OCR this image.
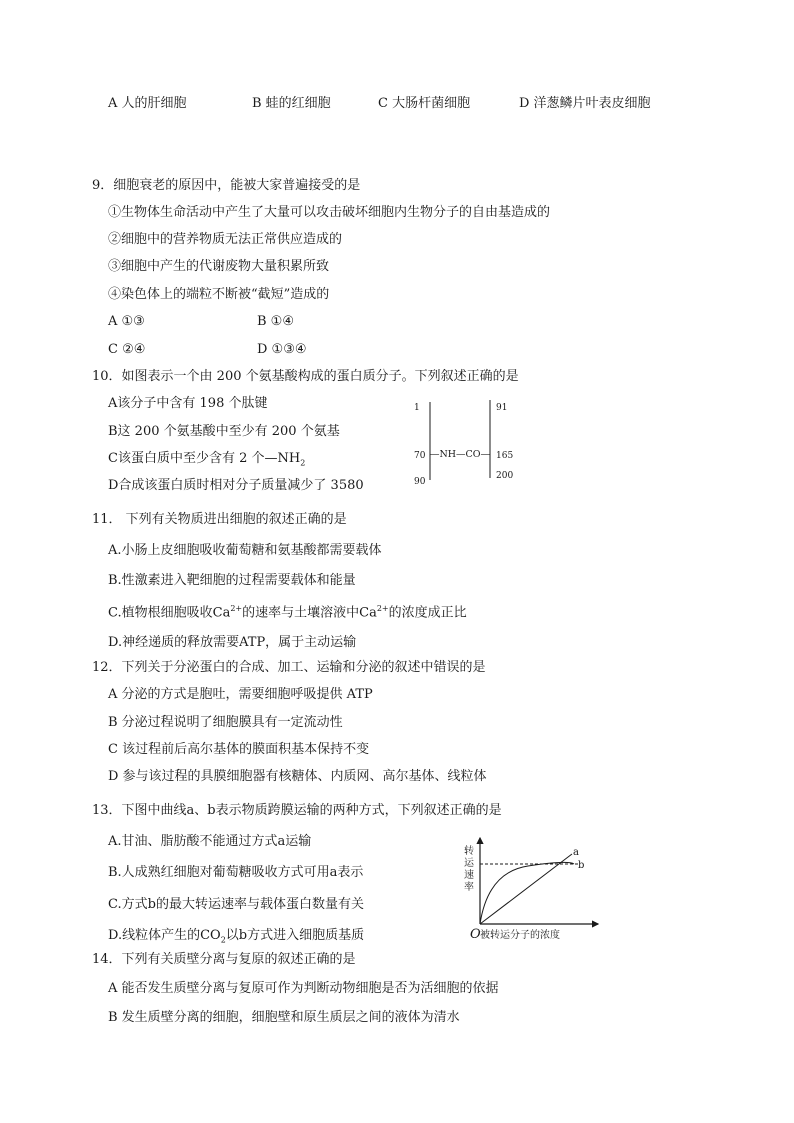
A 人的肝细胞	B 蛙的红细胞	C 大肠杆菌细胞	D 洋葱鳞片叶表皮细胞
9．细胞衰老的原因中，能被大家普遍接受的是
①生物体生命活动中产生了大量可以攻击破坏细胞内生物分子的自由基造成的
②细胞中的营养物质无法正常供应造成的
③细胞中产生的代谢废物大量积累所致
④染色体上的端粒不断被“截短”造成的
A ①③	B ①④
C ②④	D ①③④
10．如图表示一个由 200 个氨基酸构成的蛋白质分子。下列叙述正确的是
A该分子中含有 198 个肽键
B这 200 个氨基酸中至少有 200 个氨基
C该蛋白质中至少含有 2 个$—NH_2$
D合成该蛋白质时相对分子质量减少了 3580
1
70
90
91
165
200
—NH—CO—
11． 下列有关物质进出细胞的叙述正确的是
A.小肠上皮细胞吸收葡萄糖和氨基酸都需要载体
B.性激素进入靶细胞的过程需要载体和能量
C.植物根细胞吸收$Ca^{2+}$的速率与土壤溶液中$Ca^{2+}$的浓度成正比
D.神经递质的释放需要ATP，属于主动运输
12．下列关于分泌蛋白的合成、加工、运输和分泌的叙述中错误的是
A 分泌的方式是胞吐，需要细胞呼吸提供 ATP
B 分泌过程说明了细胞膜具有一定流动性
C 该过程前后高尔基体的膜面积基本保持不变
D 参与该过程的具膜细胞器有核糖体、内质网、高尔基体、线粒体
13．下图中曲线a、b表示物质跨膜运输的两种方式，下列叙述正确的是
A.甘油、脂肪酸不能通过方式a运输
B.人成熟红细胞对葡萄糖吸收方式可用a表示
C.方式b的最大转运速率与载体蛋白数量有关
D.线粒体产生的$CO_2$以b方式进入细胞质基质
转
运
速
率
a
b
O 被转运分子的浓度
14．下列有关质壁分离与复原的叙述正确的是
A 能否发生质壁分离与复原可作为判断动物细胞是否为活细胞的依据
B 发生质壁分离的细胞，细胞壁和原生质层之间的液体为清水
